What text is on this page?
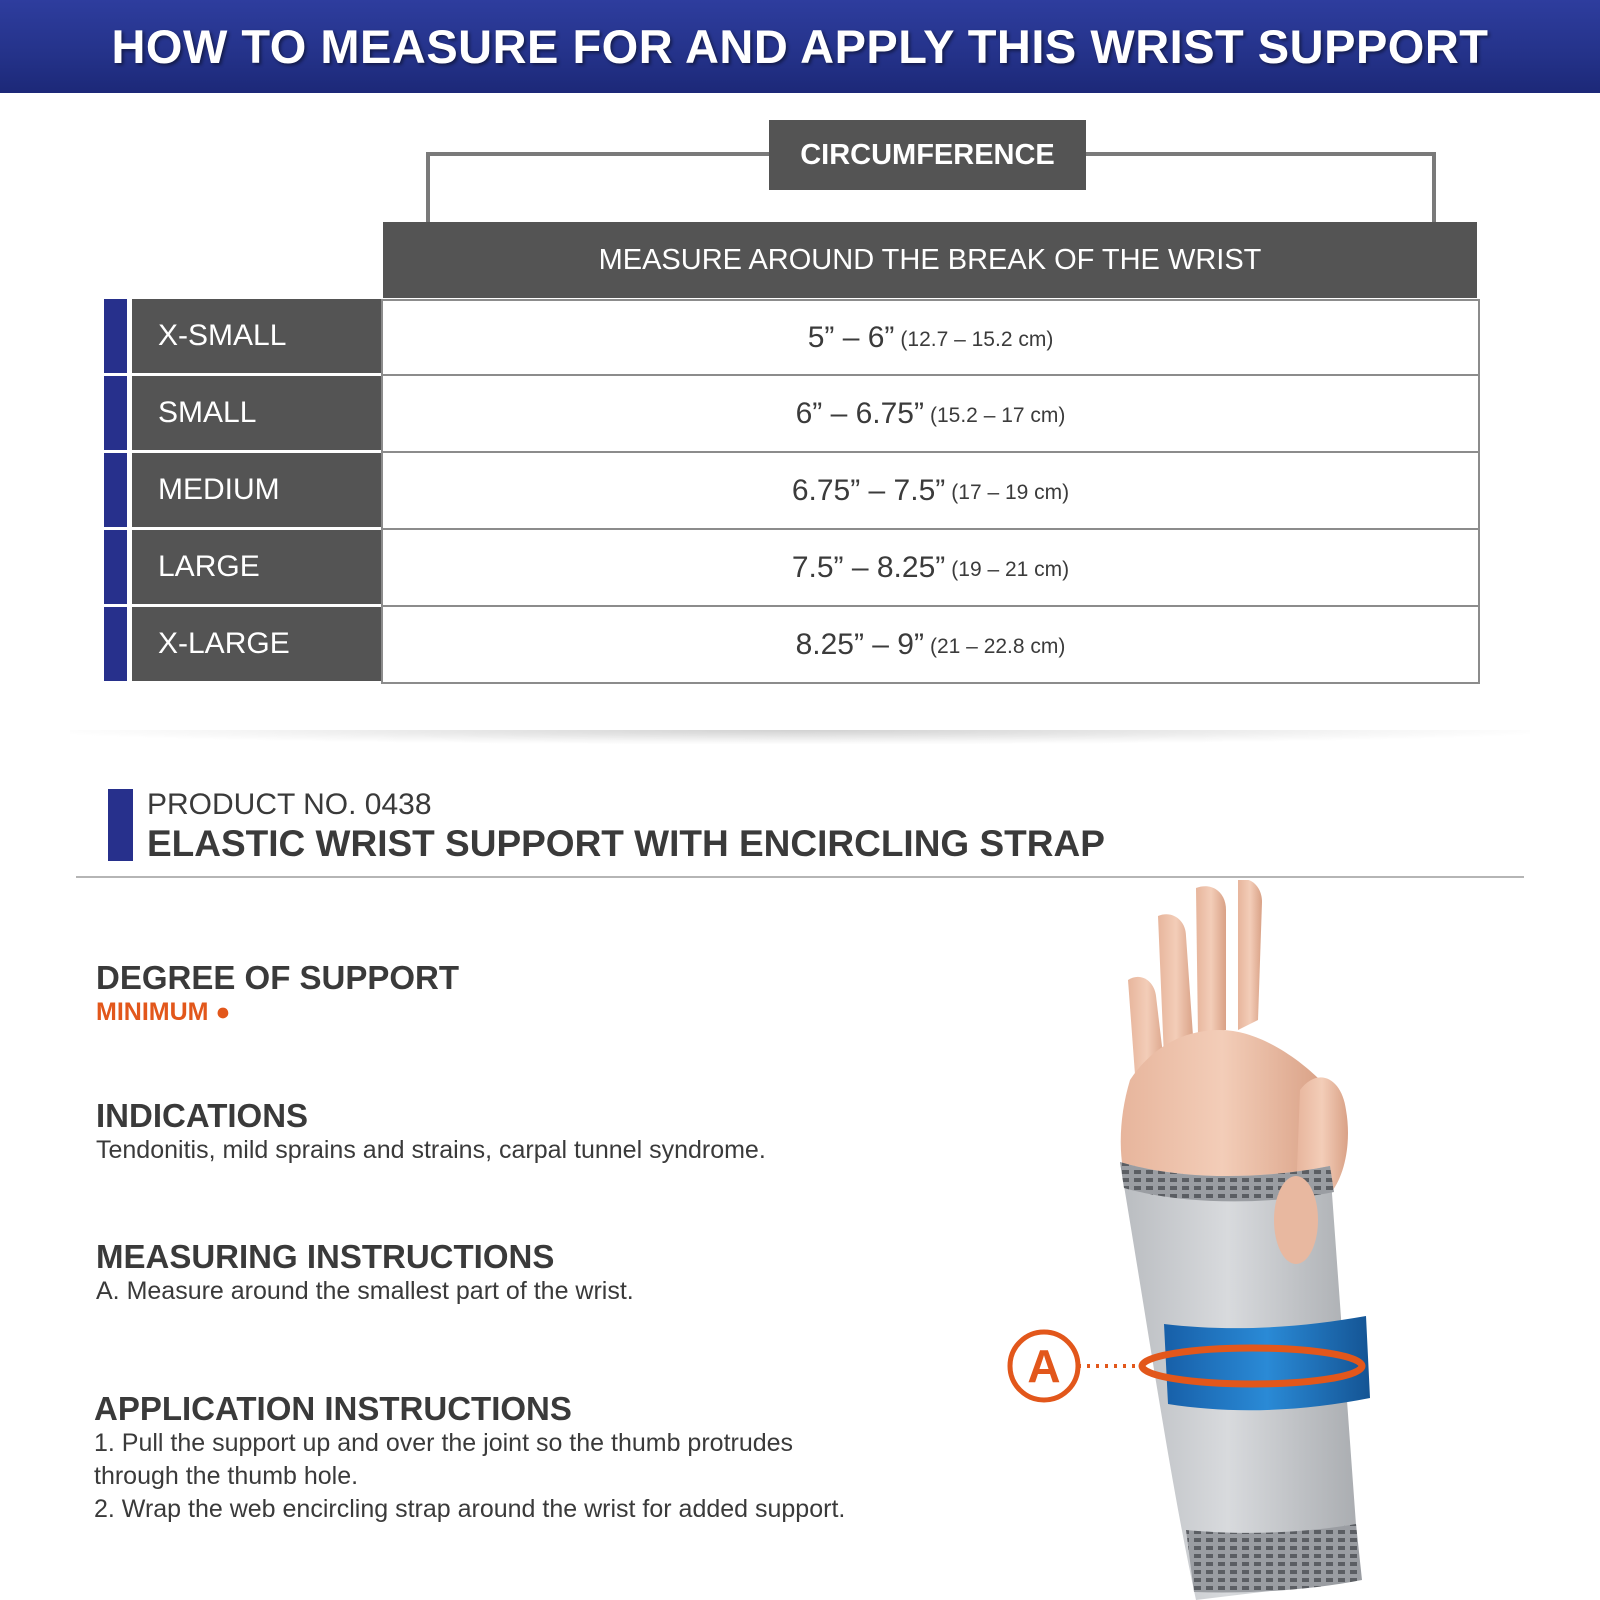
HOW TO MEASURE FOR AND APPLY THIS WRIST SUPPORT
CIRCUMFERENCE
MEASURE AROUND THE BREAK OF THE WRIST
X-SMALL	5” – 6” (12.7 – 15.2 cm)
SMALL	6” – 6.75” (15.2 – 17 cm)
MEDIUM	6.75” – 7.5” (17 – 19 cm)
LARGE	7.5” – 8.25” (19 – 21 cm)
X-LARGE	8.25” – 9” (21 – 22.8 cm)
PRODUCT NO. 0438
ELASTIC WRIST SUPPORT WITH ENCIRCLING STRAP
DEGREE OF SUPPORT
MINIMUM ●
INDICATIONS
Tendonitis, mild sprains and strains, carpal tunnel syndrome.
MEASURING INSTRUCTIONS
A. Measure around the smallest part of the wrist.
APPLICATION INSTRUCTIONS
1. Pull the support up and over the joint so the thumb protrudes
through the thumb hole.
2. Wrap the web encircling strap around the wrist for added support.
A
